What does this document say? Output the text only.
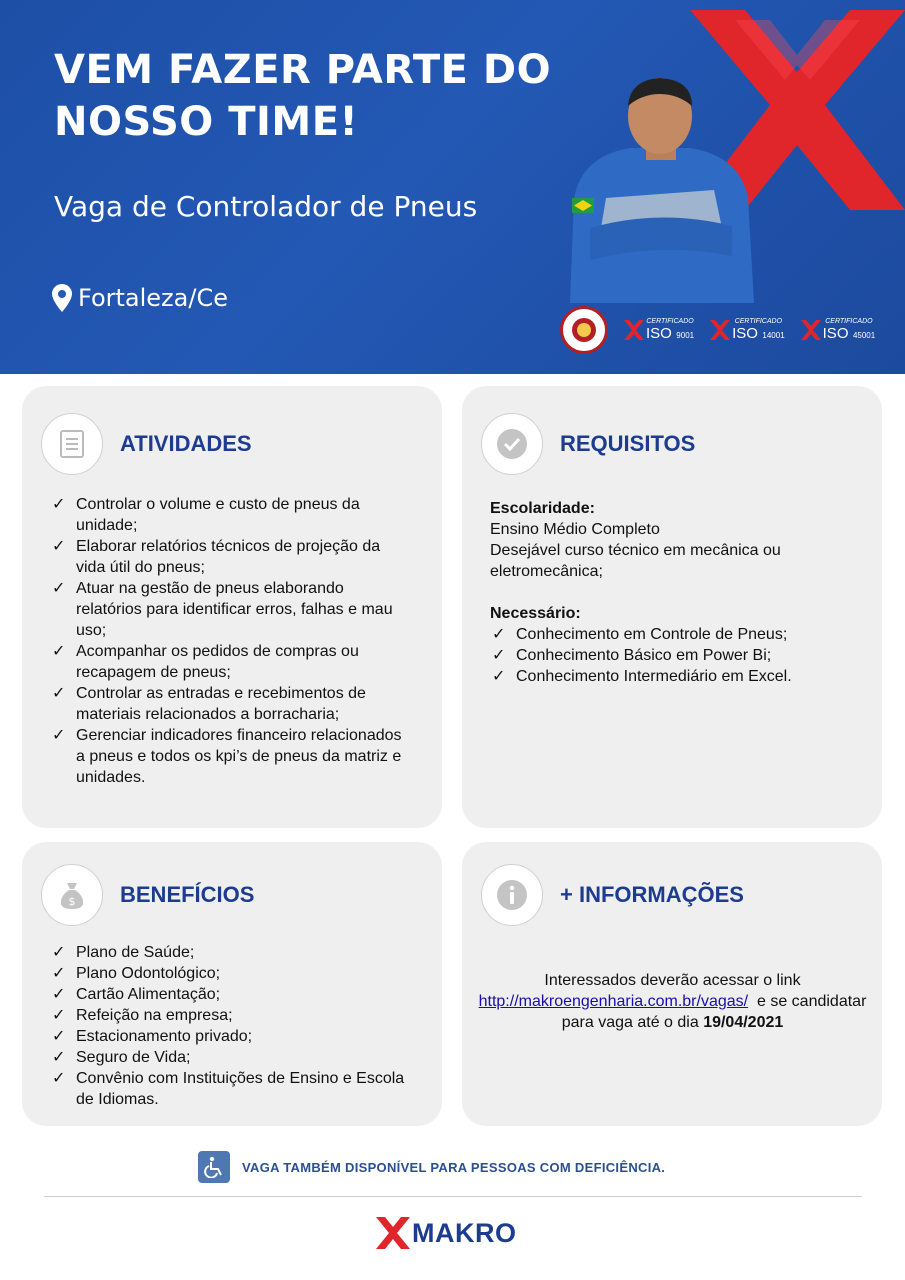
VEM FAZER PARTE DO
NOSSO TIME!

Vaga de Controlador de Pneus

Fortaleza/Ce
CERTIFICADO
ISO 9001
CERTIFICADO
ISO 14001
CERTIFICADO
ISO 45001
ATIVIDADES
✓ Controlar o volume e custo de pneus da unidade;
✓ Elaborar relatórios técnicos de projeção da vida útil do pneus;
✓ Atuar na gestão de pneus elaborando relatórios para identificar erros, falhas e mau uso;
✓ Acompanhar os pedidos de compras ou recapagem de pneus;
✓ Controlar as entradas e recebimentos de materiais relacionados a borracharia;
✓ Gerenciar indicadores financeiro relacionados a pneus e todos os kpi’s de pneus da matriz e unidades.
REQUISITOS
Escolaridade:
Ensino Médio Completo
Desejável curso técnico em mecânica ou eletromecânica;
Necessário:
✓ Conhecimento em Controle de Pneus;
✓ Conhecimento Básico em Power Bi;
✓ Conhecimento Intermediário em Excel.
$ BENEFÍCIOS
✓ Plano de Saúde;
✓ Plano Odontológico;
✓ Cartão Alimentação;
✓ Refeição na empresa;
✓ Estacionamento privado;
✓ Seguro de Vida;
✓ Convênio com Instituições de Ensino e Escola de Idiomas.
+ INFORMAÇÕES
Interessados deverão acessar o link
http://makroengenharia.com.br/vagas/ e se candidatar para vaga até o dia 19/04/2021
VAGA TAMBÉM DISPONÍVEL PARA PESSOAS COM DEFICIÊNCIA.
MAKRO
